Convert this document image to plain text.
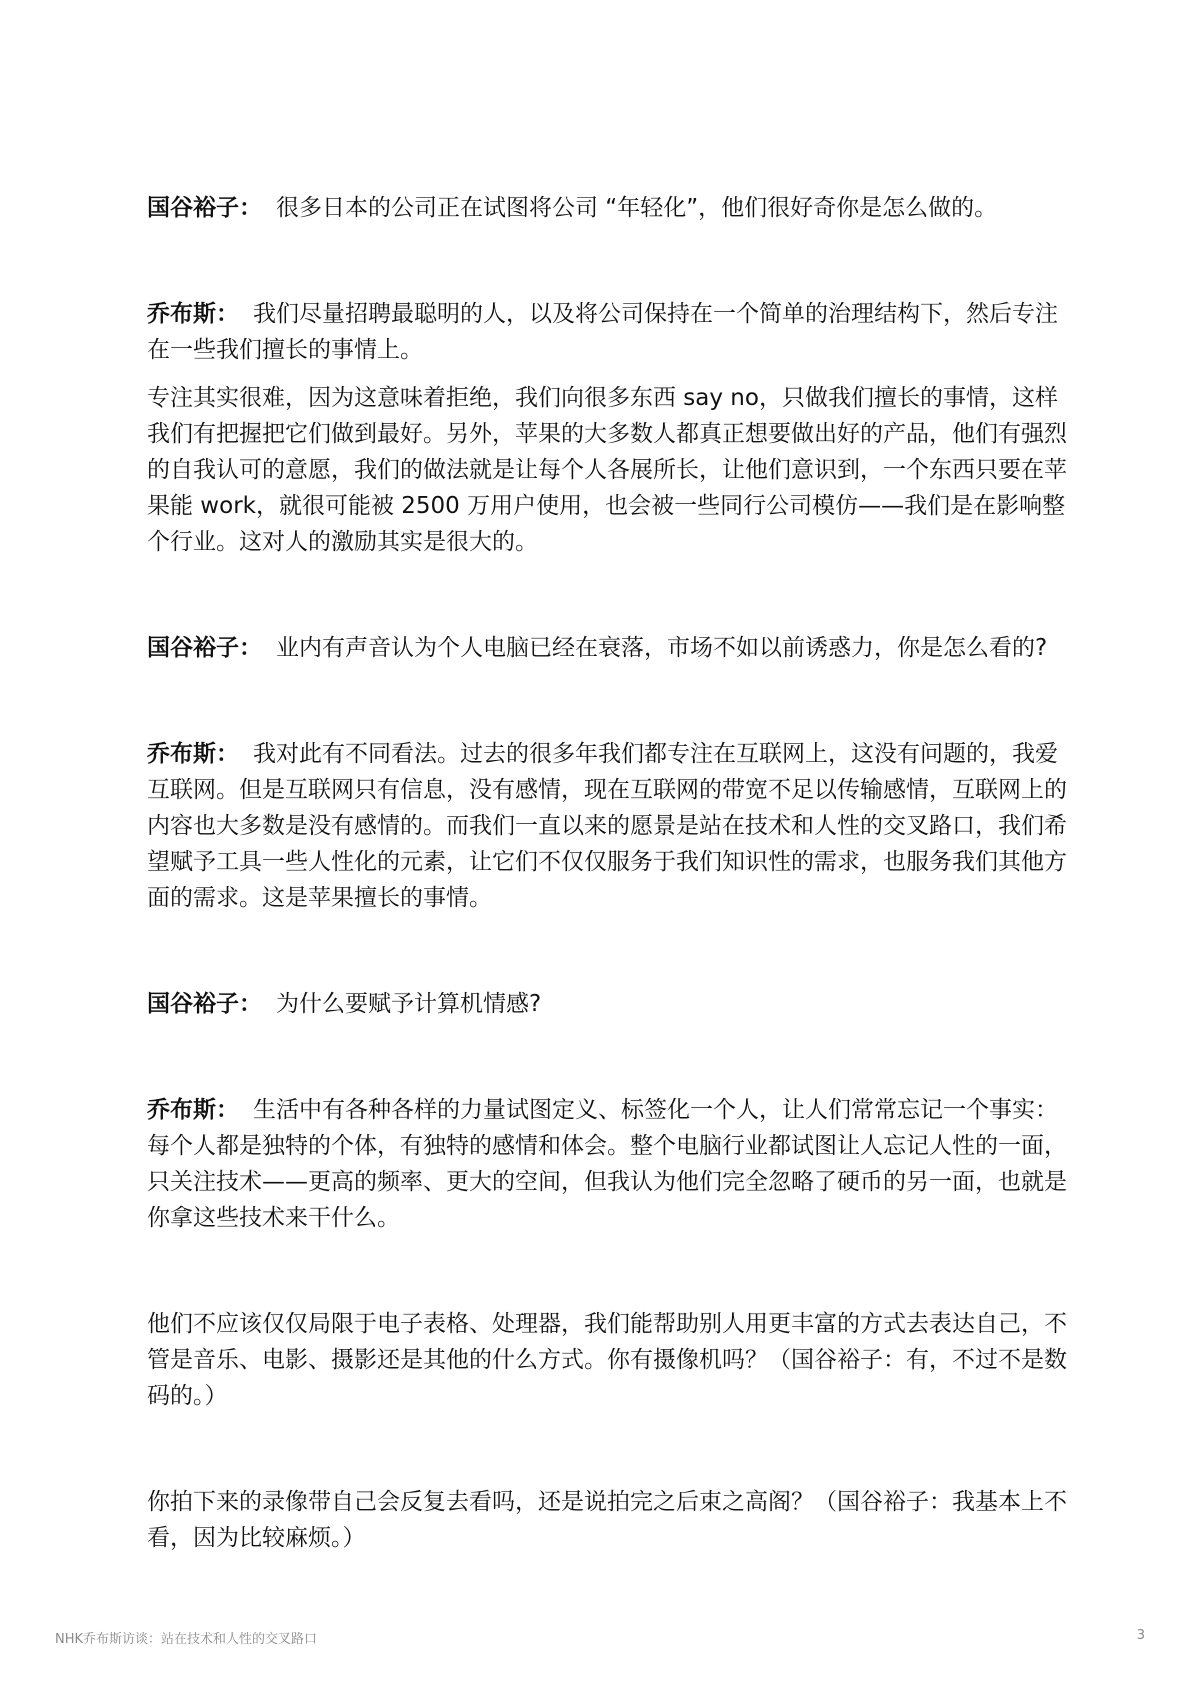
国谷裕子： 很多日本的公司正在试图将公司 “年轻化”，他们很好奇你是怎么做的。

乔布斯： 我们尽量招聘最聪明的人，以及将公司保持在一个简单的治理结构下，然后专注在一些我们擅长的事情上。

专注其实很难，因为这意味着拒绝，我们向很多东西 say no，只做我们擅长的事情，这样我们有把握把它们做到最好。另外，苹果的大多数人都真正想要做出好的产品，他们有强烈的自我认可的意愿，我们的做法就是让每个人各展所长，让他们意识到，一个东西只要在苹果能 work，就很可能被 2500 万用户使用，也会被一些同行公司模仿——我们是在影响整个行业。这对人的激励其实是很大的。

国谷裕子： 业内有声音认为个人电脑已经在衰落，市场不如以前诱惑力，你是怎么看的?

乔布斯： 我对此有不同看法。过去的很多年我们都专注在互联网上，这没有问题的，我爱互联网。但是互联网只有信息，没有感情，现在互联网的带宽不足以传输感情，互联网上的内容也大多数是没有感情的。而我们一直以来的愿景是站在技术和人性的交叉路口，我们希望赋予工具一些人性化的元素，让它们不仅仅服务于我们知识性的需求，也服务我们其他方面的需求。这是苹果擅长的事情。

国谷裕子： 为什么要赋予计算机情感?

乔布斯： 生活中有各种各样的力量试图定义、标签化一个人，让人们常常忘记一个事实：每个人都是独特的个体，有独特的感情和体会。整个电脑行业都试图让人忘记人性的一面，只关注技术——更高的频率、更大的空间，但我认为他们完全忽略了硬币的另一面，也就是你拿这些技术来干什么。

他们不应该仅仅局限于电子表格、处理器，我们能帮助别人用更丰富的方式去表达自己，不管是音乐、电影、摄影还是其他的什么方式。你有摄像机吗？（国谷裕子：有，不过不是数码的。）

你拍下来的录像带自己会反复去看吗，还是说拍完之后束之高阁？（国谷裕子：我基本上不看，因为比较麻烦。）

NHK乔布斯访谈：站在技术和人性的交叉路口	3
